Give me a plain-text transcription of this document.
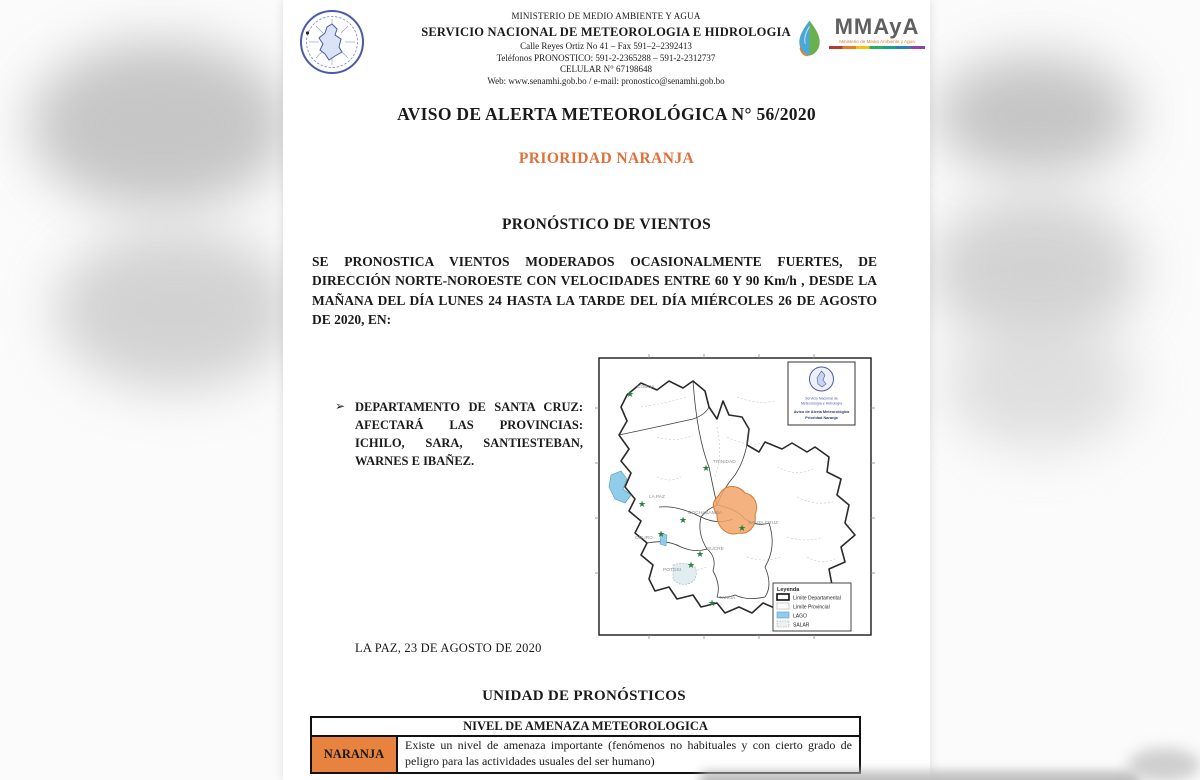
MINISTERIO DE MEDIO AMBIENTE Y AGUA
SERVICIO NACIONAL DE METEOROLOGIA E HIDROLOGIA
Calle Reyes Ortiz No 41 – Fax 591–2–2392413
Teléfonos PRONOSTICO: 591-2-2365288 – 591-2-2312737
CELULAR N° 67198648
Web: www.senamhi.gob.bo / e-mail: pronostico@senamhi.gob.bo
MMAyA
Ministerio de Medio Ambiente y Agua
AVISO DE ALERTA METEOROLÓGICA N° 56/2020
PRIORIDAD NARANJA
PRONÓSTICO DE VIENTOS
SE PRONOSTICA VIENTOS MODERADOS OCASIONALMENTE FUERTES, DE DIRECCIÓN NORTE-NOROESTE CON VELOCIDADES ENTRE 60 Y 90 Km/h , DESDE LA MAÑANA DEL DÍA LUNES 24 HASTA LA TARDE DEL DÍA MIÉRCOLES 26 DE AGOSTO DE 2020, EN:
➢ DEPARTAMENTO DE SANTA CRUZ: AFECTARÁ LAS PROVINCIAS: ICHILO, SARA, SANTIESTEBAN, WARNES E IBAÑEZ.
★
★
★
★
★
★
★
★
★
COBIJA
TRINIDAD
LA PAZ
COCHABAMBA
ORURO
SUCRE
POTOSI
SANTA CRUZ
TARIJA
Servicio Nacional de
Meteorología e Hidrología
Aviso de Alerta Meteorológica
Prioridad Naranja
Leyenda
Límite Departamental
Límite Provincial
LAGO
SALAR
LA PAZ, 23 DE AGOSTO DE 2020
UNIDAD DE PRONÓSTICOS
NIVEL DE AMENAZA METEOROLOGICA
NARANJA
Existe un nivel de amenaza importante (fenómenos no habituales y con cierto grado de peligro para las actividades usuales del ser humano)
